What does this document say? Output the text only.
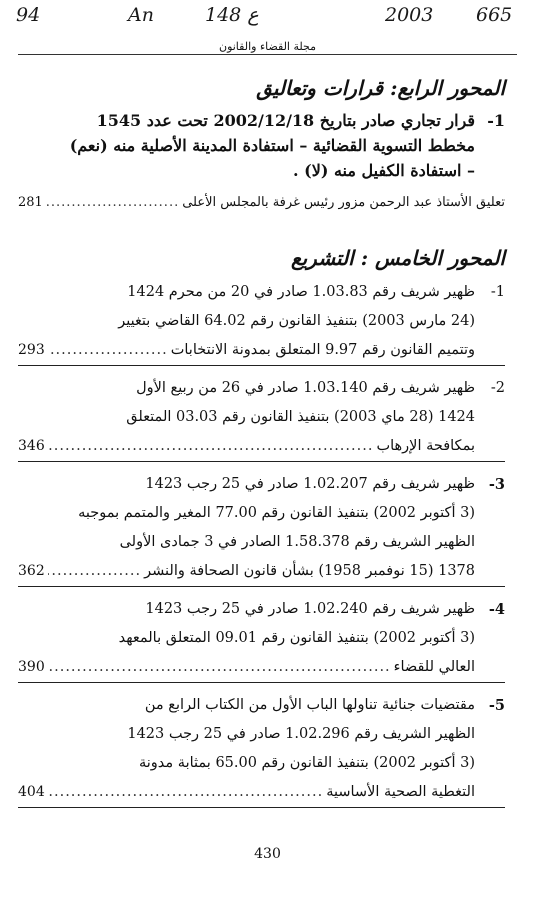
94	An	148 ع	2003 665
مجلة القضاء والقانون
المحور الرابع: قرارات وتعاليق
1-
قرار تجاري صادر بتاريخ 2002/12/18 تحت عدد 1545
مخطط التسوية القضائية – استفادة المدينة الأصلية منه (نعم)
– استفادة الكفيل منه (لا) .
تعليق الأستاذ عبد الرحمن مزور رئيس غرفة بالمجلس الأعلى
.....
281
المحور الخامس : التشريع
1-
ظهير شريف رقم 1.03.83 صادر في 20 من محرم 1424
(24 مارس 2003) بتنفيذ القانون رقم 64.02 القاضي بتغيير
وتتميم القانون رقم 9.97 المتعلق بمدونة الانتخابات
.....
293
2-
ظهير شريف رقم 1.03.140 صادر في 26 من ربيع الأول
1424 (28 ماي 2003) بتنفيذ القانون رقم 03.03 المتعلق
بمكافحة الإرهاب
.....
346
3-
ظهير شريف رقم 1.02.207 صادر في 25 رجب 1423
(3 أكتوبر 2002) بتنفيذ القانون رقم 77.00 المغير والمتمم بموجبه
الظهير الشريف رقم 1.58.378 الصادر في 3 جمادى الأولى
1378 (15 نوفمبر 1958) بشأن قانون الصحافة والنشر
.....
362
4-
ظهير شريف رقم 1.02.240 صادر في 25 رجب 1423
(3 أكتوبر 2002) بتنفيذ القانون رقم 09.01 المتعلق بالمعهد
العالي للقضاء
.....
390
5-
مقتضيات جنائية تناولها الباب الأول من الكتاب الرابع من
الظهير الشريف رقم 1.02.296 صادر في 25 رجب 1423
(3 أكتوبر 2002) بتنفيذ القانون رقم 65.00 بمثابة مدونة
التغطية الصحية الأساسية
.....
404
430
